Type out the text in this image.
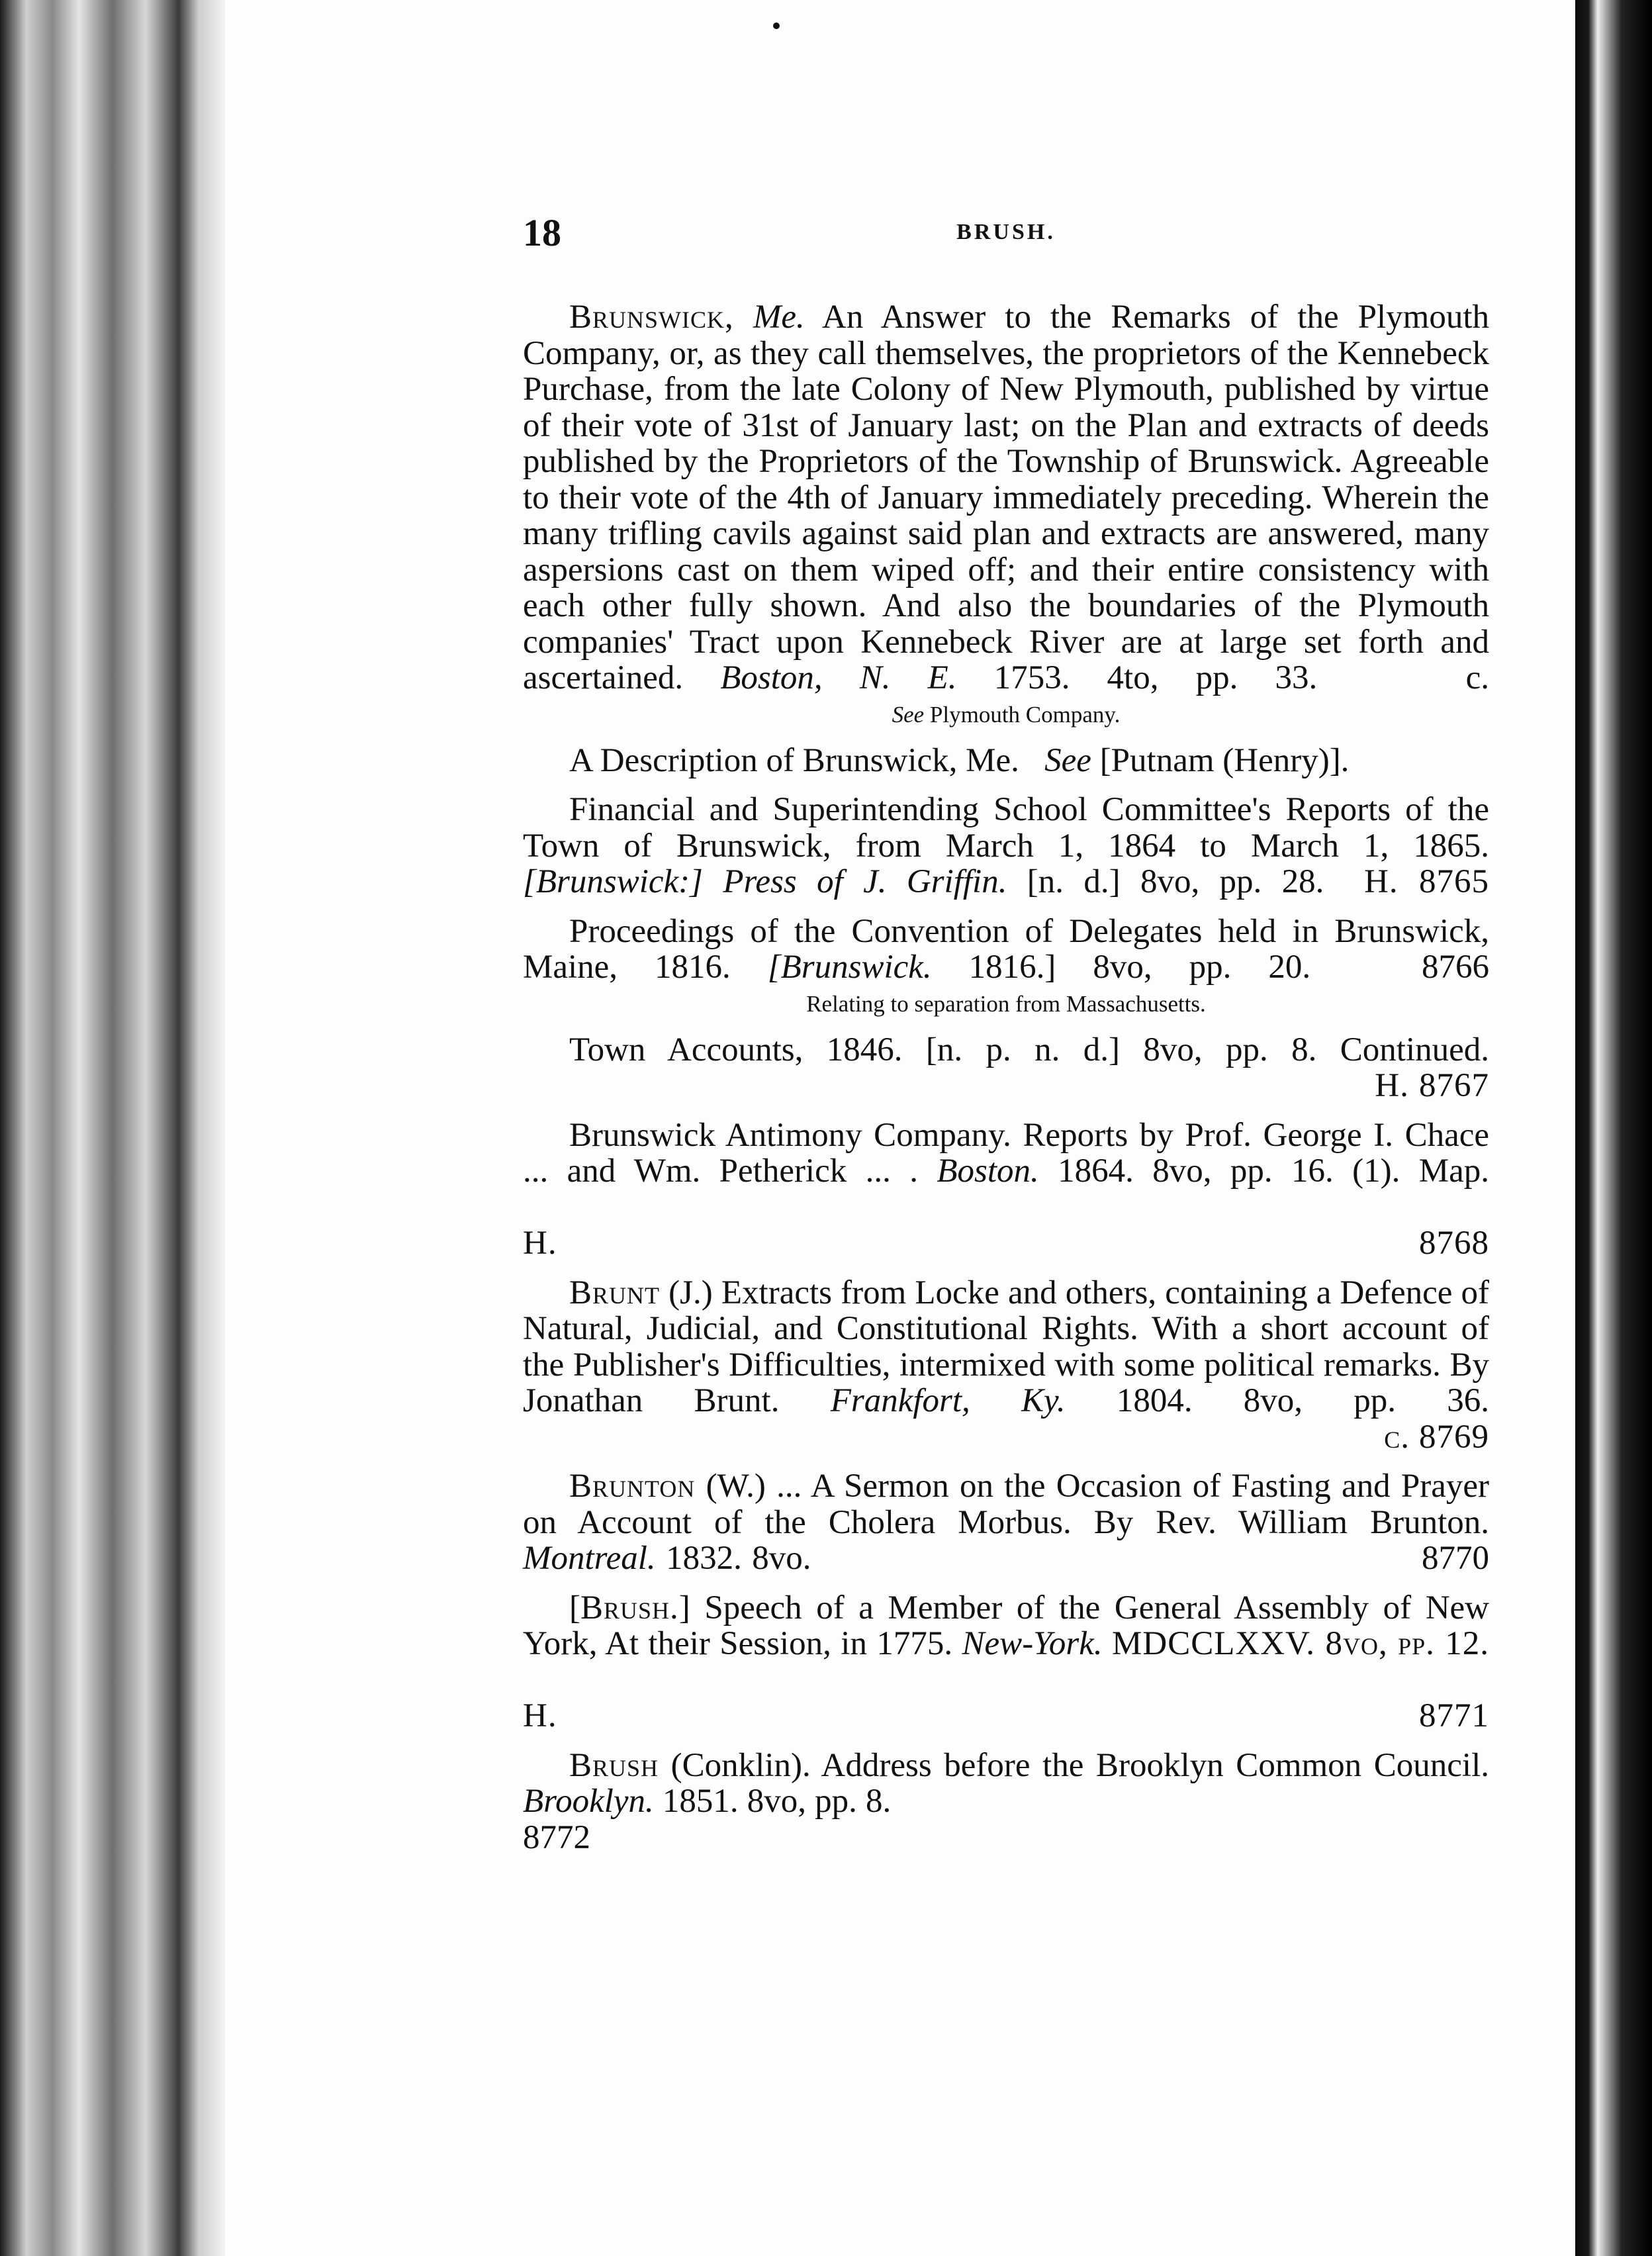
18	BRUSH.

Brunswick, Me. An Answer to the Remarks of the Plymouth Company, or, as they call themselves, the proprietors of the Kennebeck Purchase, from the late Colony of New Plymouth, published by virtue of their vote of 31st of January last; on the Plan and extracts of deeds published by the Proprietors of the Township of Brunswick. Agreeable to their vote of the 4th of January immediately preceding. Wherein the many trifling cavils against said plan and extracts are answered, many aspersions cast on them wiped off; and their entire consistency with each other fully shown. And also the boundaries of the Plymouth companies' Tract upon Kennebeck River are at large set forth and ascertained. Boston, N. E. 1753. 4to, pp. 33.	c.

See Plymouth Company.

A Description of Brunswick, Me. See [Putnam (Henry)].

Financial and Superintending School Committee's Reports of the Town of Brunswick, from March 1, 1864 to March 1, 1865. [Brunswick:] Press of J. Griffin. [n. d.] 8vo, pp. 28. H. 8765

Proceedings of the Convention of Delegates held in Brunswick, Maine, 1816. [Brunswick. 1816.] 8vo, pp. 20.	8766

Relating to separation from Massachusetts.

Town Accounts, 1846. [n. p. n. d.] 8vo, pp. 8. Continued.                                                                                            H. 8767

Brunswick Antimony Company. Reports by Prof. George I. Chace ... and Wm. Petherick ... . Boston. 1864. 8vo, pp. 16. (1). Map.                                                                                                                        H. 8768

Brunt (J.) Extracts from Locke and others, containing a Defence of Natural, Judicial, and Constitutional Rights. With a short account of the Publisher's Difficulties, intermixed with some political remarks. By Jonathan Brunt. Frankfort, Ky. 1804. 8vo, pp. 36.                                                                                                     c. 8769

Brunton (W.) ... A Sermon on the Occasion of Fasting and Prayer on Account of the Cholera Morbus. By Rev. William Brunton. Montreal. 1832. 8vo.	8770

[Brush.] Speech of a Member of the General Assembly of New York, At their Session, in 1775. New-York. MDCCLXXV. 8vo, pp. 12.                                                                                                                                                                H. 8771

Brush (Conklin). Address before the Brooklyn Common Council. Brooklyn. 1851. 8vo, pp. 8.                                                                      8772
